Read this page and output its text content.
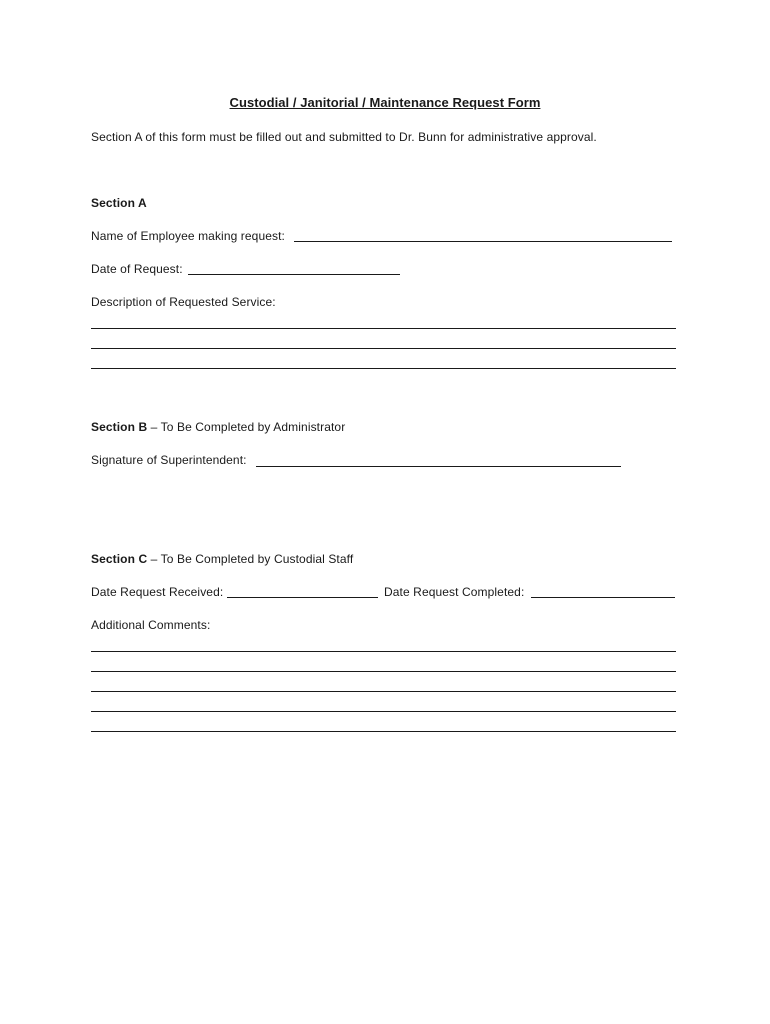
Custodial / Janitorial / Maintenance Request Form
Section A of this form must be filled out and submitted to Dr. Bunn for administrative approval.
Section A
Name of Employee making request:
Date of Request:
Description of Requested Service:
Section B – To Be Completed by Administrator
Signature of Superintendent:
Section C – To Be Completed by Custodial Staff
Date Request Received:	Date Request Completed:
Additional Comments:
